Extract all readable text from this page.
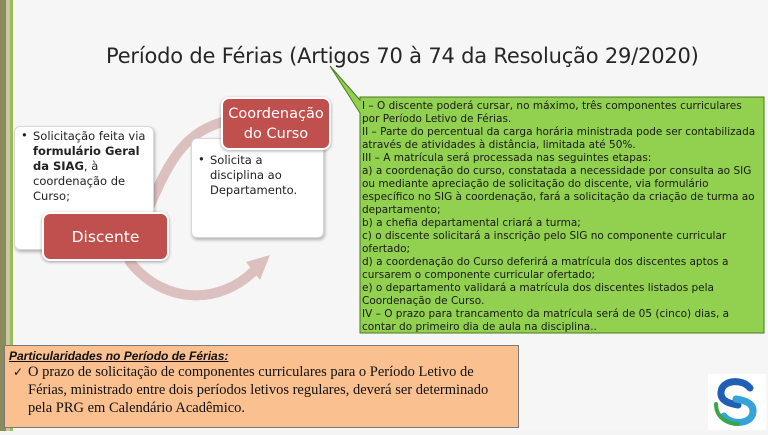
Período de Férias (Artigos 70 à 74 da Resolução 29/2020)
• Solicitação feita via formulário Geral da SIAG, à coordenação de Curso;
Discente
• Solicita a disciplina ao Departamento.
Coordenação
do Curso

I – O discente poderá cursar, no máximo, três componentes curriculares por Período Letivo de Férias.

II – Parte do percentual da carga horária ministrada pode ser contabilizada através de atividades à distância, limitada até 50%.

III – A matrícula será processada nas seguintes etapas:

a) a coordenação do curso, constatada a necessidade por consulta ao SIG ou mediante apreciação de solicitação do discente, via formulário específico no SIG à coordenação, fará a solicitação da criação de turma ao departamento;

b) a chefia departamental criará a turma;

c) o discente solicitará a inscrição pelo SIG no componente curricular ofertado;

d) a coordenação do Curso deferirá a matrícula dos discentes aptos a cursarem o componente curricular ofertado;

e) o departamento validará a matrícula dos discentes listados pela Coordenação de Curso.

IV – O prazo para trancamento da matrícula será de 05 (cinco) dias, a contar do primeiro dia de aula na disciplina..

Particularidades no Período de Férias:
✓ O prazo de solicitação de componentes curriculares para o Período Letivo de Férias, ministrado entre dois períodos letivos regulares, deverá ser determinado pela PRG em Calendário Acadêmico.
